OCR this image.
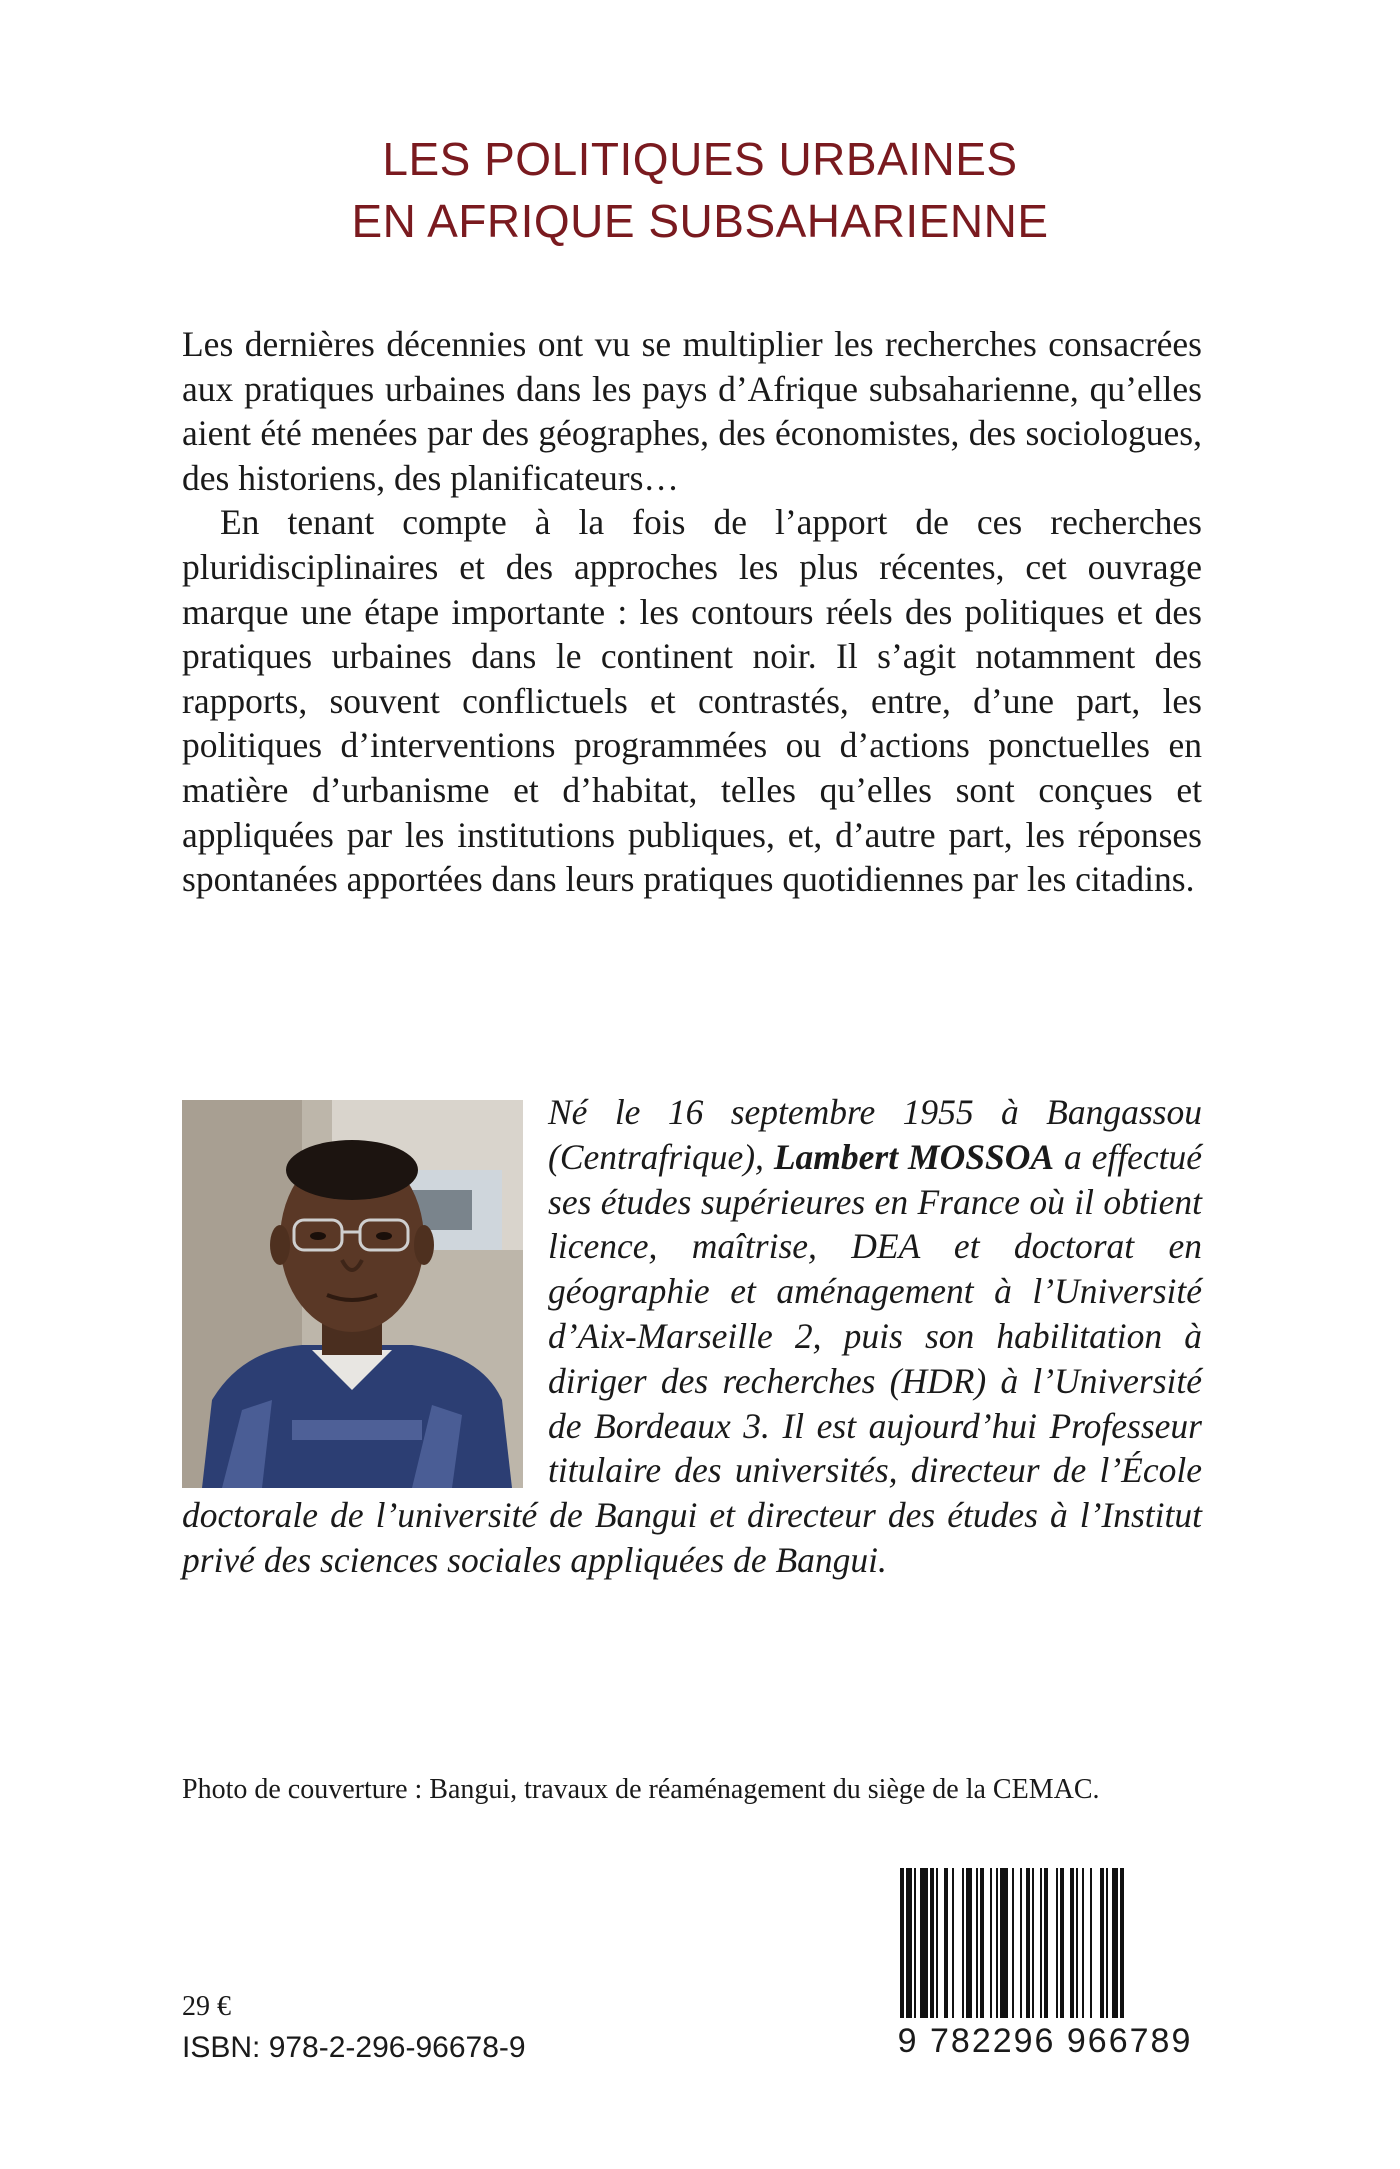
LES POLITIQUES URBAINES
EN AFRIQUE SUBSAHARIENNE

Les dernières décennies ont vu se multiplier les recherches consacrées aux pratiques urbaines dans les pays d’Afrique subsaharienne, qu’elles aient été menées par des géographes, des économistes, des sociologues, des historiens, des planificateurs…

En tenant compte à la fois de l’apport de ces recherches pluridisciplinaires et des approches les plus récentes, cet ouvrage marque une étape importante : les contours réels des politiques et des pratiques urbaines dans le continent noir. Il s’agit notamment des rapports, souvent conflictuels et contrastés, entre, d’une part, les politiques d’interventions programmées ou d’actions ponctuelles en matière d’urbanisme et d’habitat, telles qu’elles sont conçues et appliquées par les institutions publiques, et, d’autre part, les réponses spontanées apportées dans leurs pratiques quotidiennes par les citadins.

Né le 16 septembre 1955 à Bangassou (Centrafrique), Lambert MOSSOA a effectué ses études supérieures en France où il obtient licence, maîtrise, DEA et doctorat en géographie et aménagement à l’Université d’Aix-Marseille 2, puis son habilitation à diriger des recherches (HDR) à l’Université de Bordeaux 3. Il est aujourd’hui Professeur titulaire des universités, directeur de l’École doctorale de l’université de Bangui et directeur des études à l’Institut privé des sciences sociales appliquées de Bangui.
Photo de couverture : Bangui, travaux de réaménagement du siège de la CEMAC.
29 €
ISBN: 978-2-296-96678-9	9 782296 966789
